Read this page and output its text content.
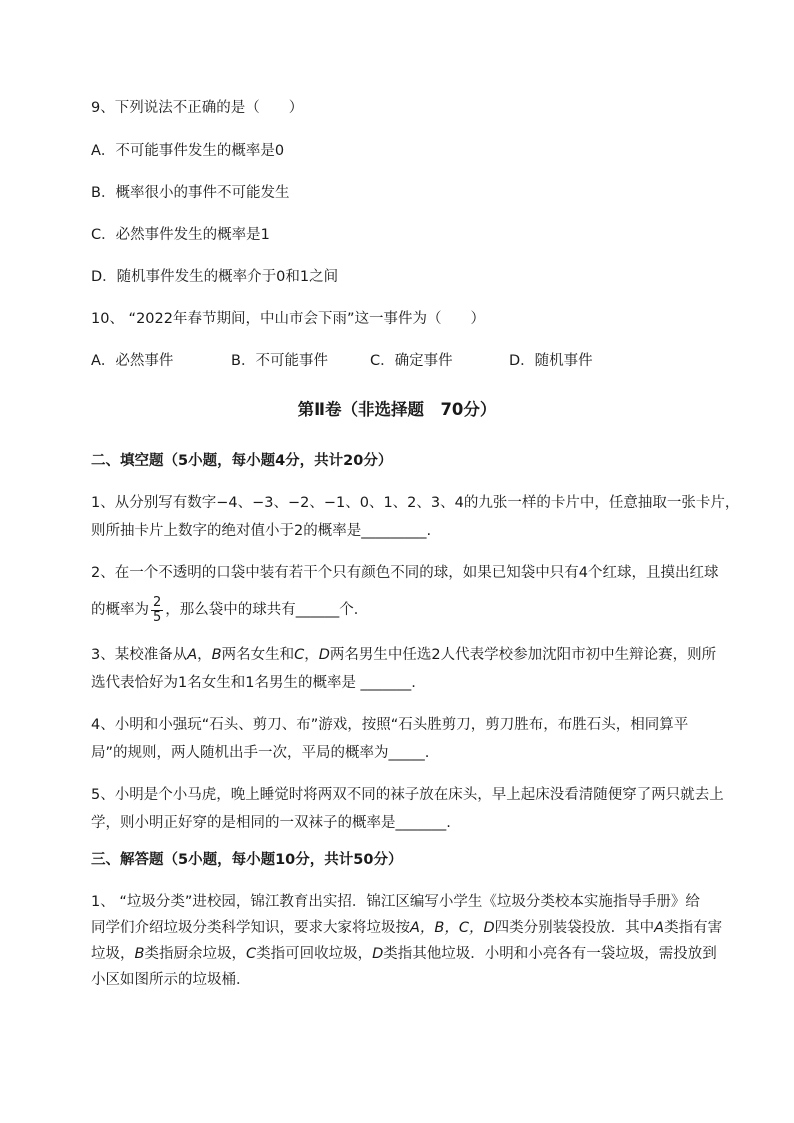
9、下列说法不正确的是（　　）
A．不可能事件发生的概率是0
B．概率很小的事件不可能发生
C．必然事件发生的概率是1
D．随机事件发生的概率介于0和1之间
10、 “2022年春节期间，中山市会下雨”这一事件为（　　）
A．必然事件	B．不可能事件	C．确定事件	D．随机事件
第Ⅱ卷（非选择题　70分）
二、填空题（5小题，每小题4分，共计20分）
1、从分别写有数字−4、−3、−2、−1、0、1、2、3、4的九张一样的卡片中，任意抽取一张卡片，
则所抽卡片上数字的绝对值小于2的概率是_________.
2、在一个不透明的口袋中装有若干个只有颜色不同的球，如果已知袋中只有4个红球，且摸出红球
的概率为 $\frac{2}{5}$ ，那么袋中的球共有______个．
3、某校准备从A，B两名女生和C，D两名男生中任选2人代表学校参加沈阳市初中生辩论赛，则所
选代表恰好为1名女生和1名男生的概率是 _______.
4、小明和小强玩“石头、剪刀、布”游戏，按照“石头胜剪刀，剪刀胜布，布胜石头，相同算平
局”的规则，两人随机出手一次，平局的概率为_____.
5、小明是个小马虎，晚上睡觉时将两双不同的袜子放在床头，早上起床没看清随便穿了两只就去上
学，则小明正好穿的是相同的一双袜子的概率是_______.
三、解答题（5小题，每小题10分，共计50分）
1、 “垃圾分类”进校园，锦江教育出实招．锦江区编写小学生《垃圾分类校本实施指导手册》给
同学们介绍垃圾分类科学知识，要求大家将垃圾按A，B，C，D四类分别装袋投放．其中A类指有害
垃圾，B类指厨余垃圾，C类指可回收垃圾，D类指其他垃圾．小明和小亮各有一袋垃圾，需投放到
小区如图所示的垃圾桶．
